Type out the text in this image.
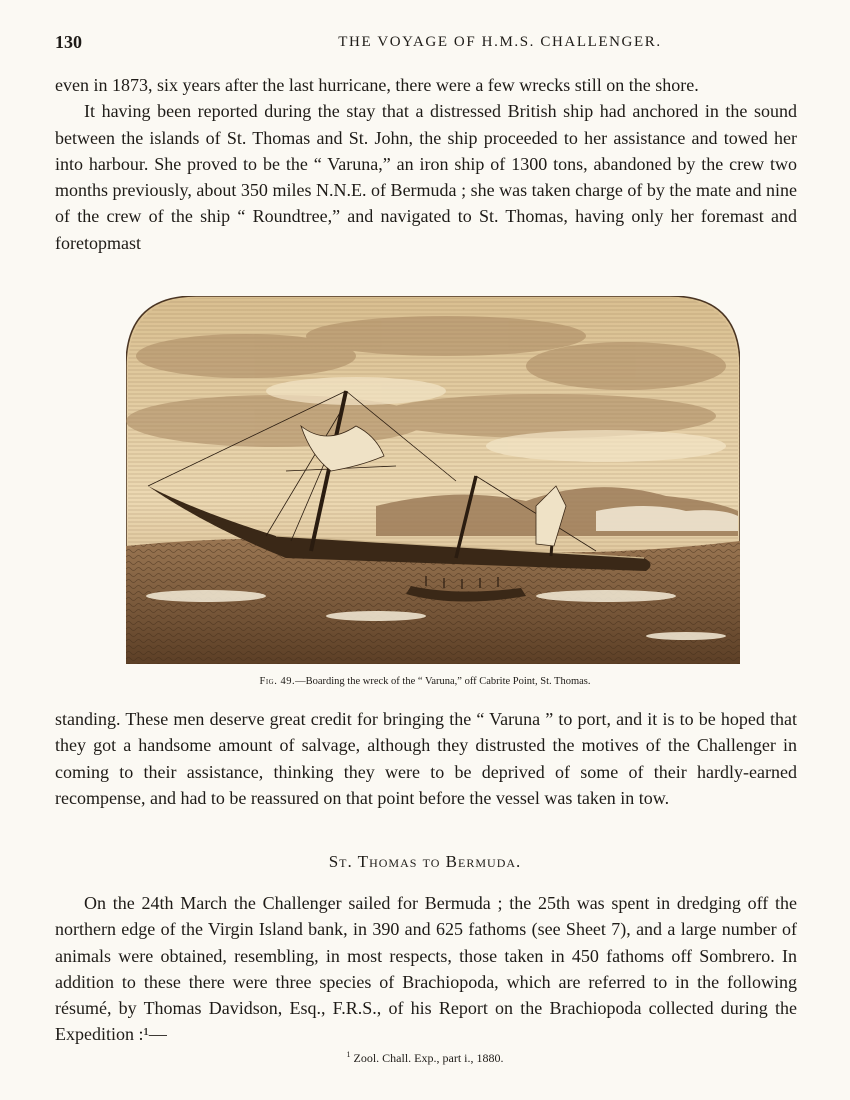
130	THE VOYAGE OF H.M.S. CHALLENGER.

even in 1873, six years after the last hurricane, there were a few wrecks still on the shore.

It having been reported during the stay that a distressed British ship had anchored in the sound between the islands of St. Thomas and St. John, the ship proceeded to her assistance and towed her into harbour. She proved to be the “ Varuna,” an iron ship of 1300 tons, abandoned by the crew two months previously, about 350 miles N.N.E. of Bermuda ; she was taken charge of by the mate and nine of the crew of the ship “ Roundtree,” and navigated to St. Thomas, having only her foremast and foretopmast

Fig. 49.—Boarding the wreck of the “ Varuna,” off Cabrite Point, St. Thomas.

standing. These men deserve great credit for bringing the “ Varuna ” to port, and it is to be hoped that they got a handsome amount of salvage, although they distrusted the motives of the Challenger in coming to their assistance, thinking they were to be deprived of some of their hardly-earned recompense, and had to be reassured on that point before the vessel was taken in tow.

St. Thomas to Bermuda.

On the 24th March the Challenger sailed for Bermuda ; the 25th was spent in dredging off the northern edge of the Virgin Island bank, in 390 and 625 fathoms (see Sheet 7), and a large number of animals were obtained, resembling, in most respects, those taken in 450 fathoms off Sombrero. In addition to these there were three species of Brachiopoda, which are referred to in the following résumé, by Thomas Davidson, Esq., F.R.S., of his Report on the Brachiopoda collected during the Expedition :¹—

$^1$ Zool. Chall. Exp., part i., 1880.
